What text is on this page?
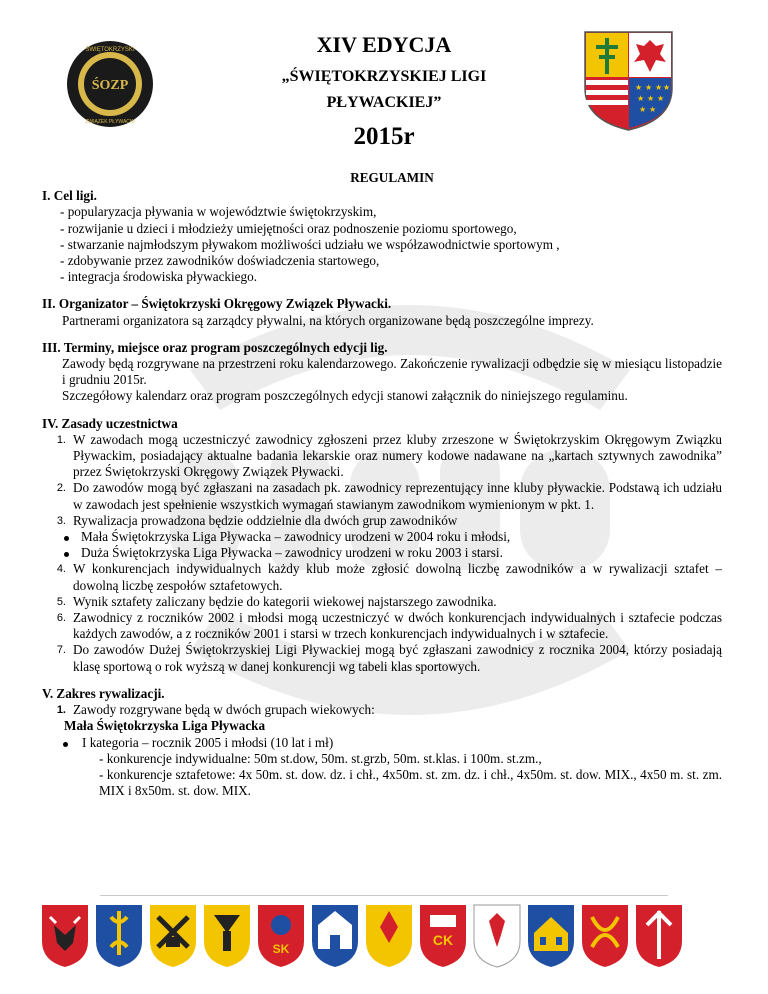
ŚOZP
ŚWIĘTOKRZYSKI
ZWIĄZEK PŁYWACKI
XIV EDYCJA
„ŚWIĘTOKRZYSKIEJ LIGI
PŁYWACKIEJ”
2015r
★ ★ ★ ★
★ ★ ★
★ ★
REGULAMIN
I. Cel ligi.
- popularyzacja pływania w województwie świętokrzyskim,
- rozwijanie u dzieci i młodzieży umiejętności oraz podnoszenie poziomu sportowego,
- stwarzanie najmłodszym pływakom możliwości udziału we współzawodnictwie sportowym ,
- zdobywanie przez zawodników doświadczenia startowego,
- integracja środowiska pływackiego.
II. Organizator – Świętokrzyski Okręgowy Związek Pływacki.
Partnerami organizatora są zarządcy pływalni, na których organizowane będą poszczególne imprezy.
III. Terminy, miejsce oraz program poszczególnych edycji lig.
Zawody będą rozgrywane na przestrzeni roku kalendarzowego. Zakończenie rywalizacji odbędzie się w miesiącu listopadzie i grudniu 2015r.
Szczegółowy kalendarz oraz program poszczególnych edycji stanowi załącznik do niniejszego regulaminu.
IV. Zasady uczestnictwa
1. W zawodach mogą uczestniczyć zawodnicy zgłoszeni przez kluby zrzeszone w Świętokrzyskim Okręgowym Związku Pływackim, posiadający aktualne badania lekarskie oraz numery kodowe nadawane na „kartach sztywnych zawodnika” przez Świętokrzyski Okręgowy Związek Pływacki.
2. Do zawodów mogą być zgłaszani na zasadach pk. zawodnicy reprezentujący inne kluby pływackie. Podstawą ich udziału w zawodach jest spełnienie wszystkich wymagań stawianym zawodnikom wymienionym w pkt. 1.
3. Rywalizacja prowadzona będzie oddzielnie dla dwóch grup zawodników
Mała Świętokrzyska Liga Pływacka – zawodnicy urodzeni w 2004 roku i młodsi,
Duża Świętokrzyska Liga Pływacka – zawodnicy urodzeni w roku 2003 i starsi.
4. W konkurencjach indywidualnych każdy klub może zgłosić dowolną liczbę zawodników a w rywalizacji sztafet – dowolną liczbę zespołów sztafetowych.
5. Wynik sztafety zaliczany będzie do kategorii wiekowej najstarszego zawodnika.
6. Zawodnicy z roczników 2002 i młodsi mogą uczestniczyć w dwóch konkurencjach indywidualnych i sztafecie podczas każdych zawodów, a z roczników 2001 i starsi w trzech konkurencjach indywidualnych i w sztafecie.
7. Do zawodów Dużej Świętokrzyskiej Ligi Pływackiej mogą być zgłaszani zawodnicy z rocznika 2004, którzy posiadają klasę sportową o rok wyższą w danej konkurencji wg tabeli klas sportowych.
V. Zakres rywalizacji.
1. Zawody rozgrywane będą w dwóch grupach wiekowych:
Mała Świętokrzyska Liga Pływacka
I kategoria – rocznik 2005 i młodsi (10 lat i mł)
- konkurencje indywidualne: 50m st.dow, 50m. st.grzb, 50m. st.klas. i 100m. st.zm.,
- konkurencje sztafetowe: 4x 50m. st. dow. dz. i chł., 4x50m. st. zm. dz. i chł., 4x50m. st. dow. MIX., 4x50 m. st. zm. MIX i 8x50m. st. dow. MIX.
SK
CK
